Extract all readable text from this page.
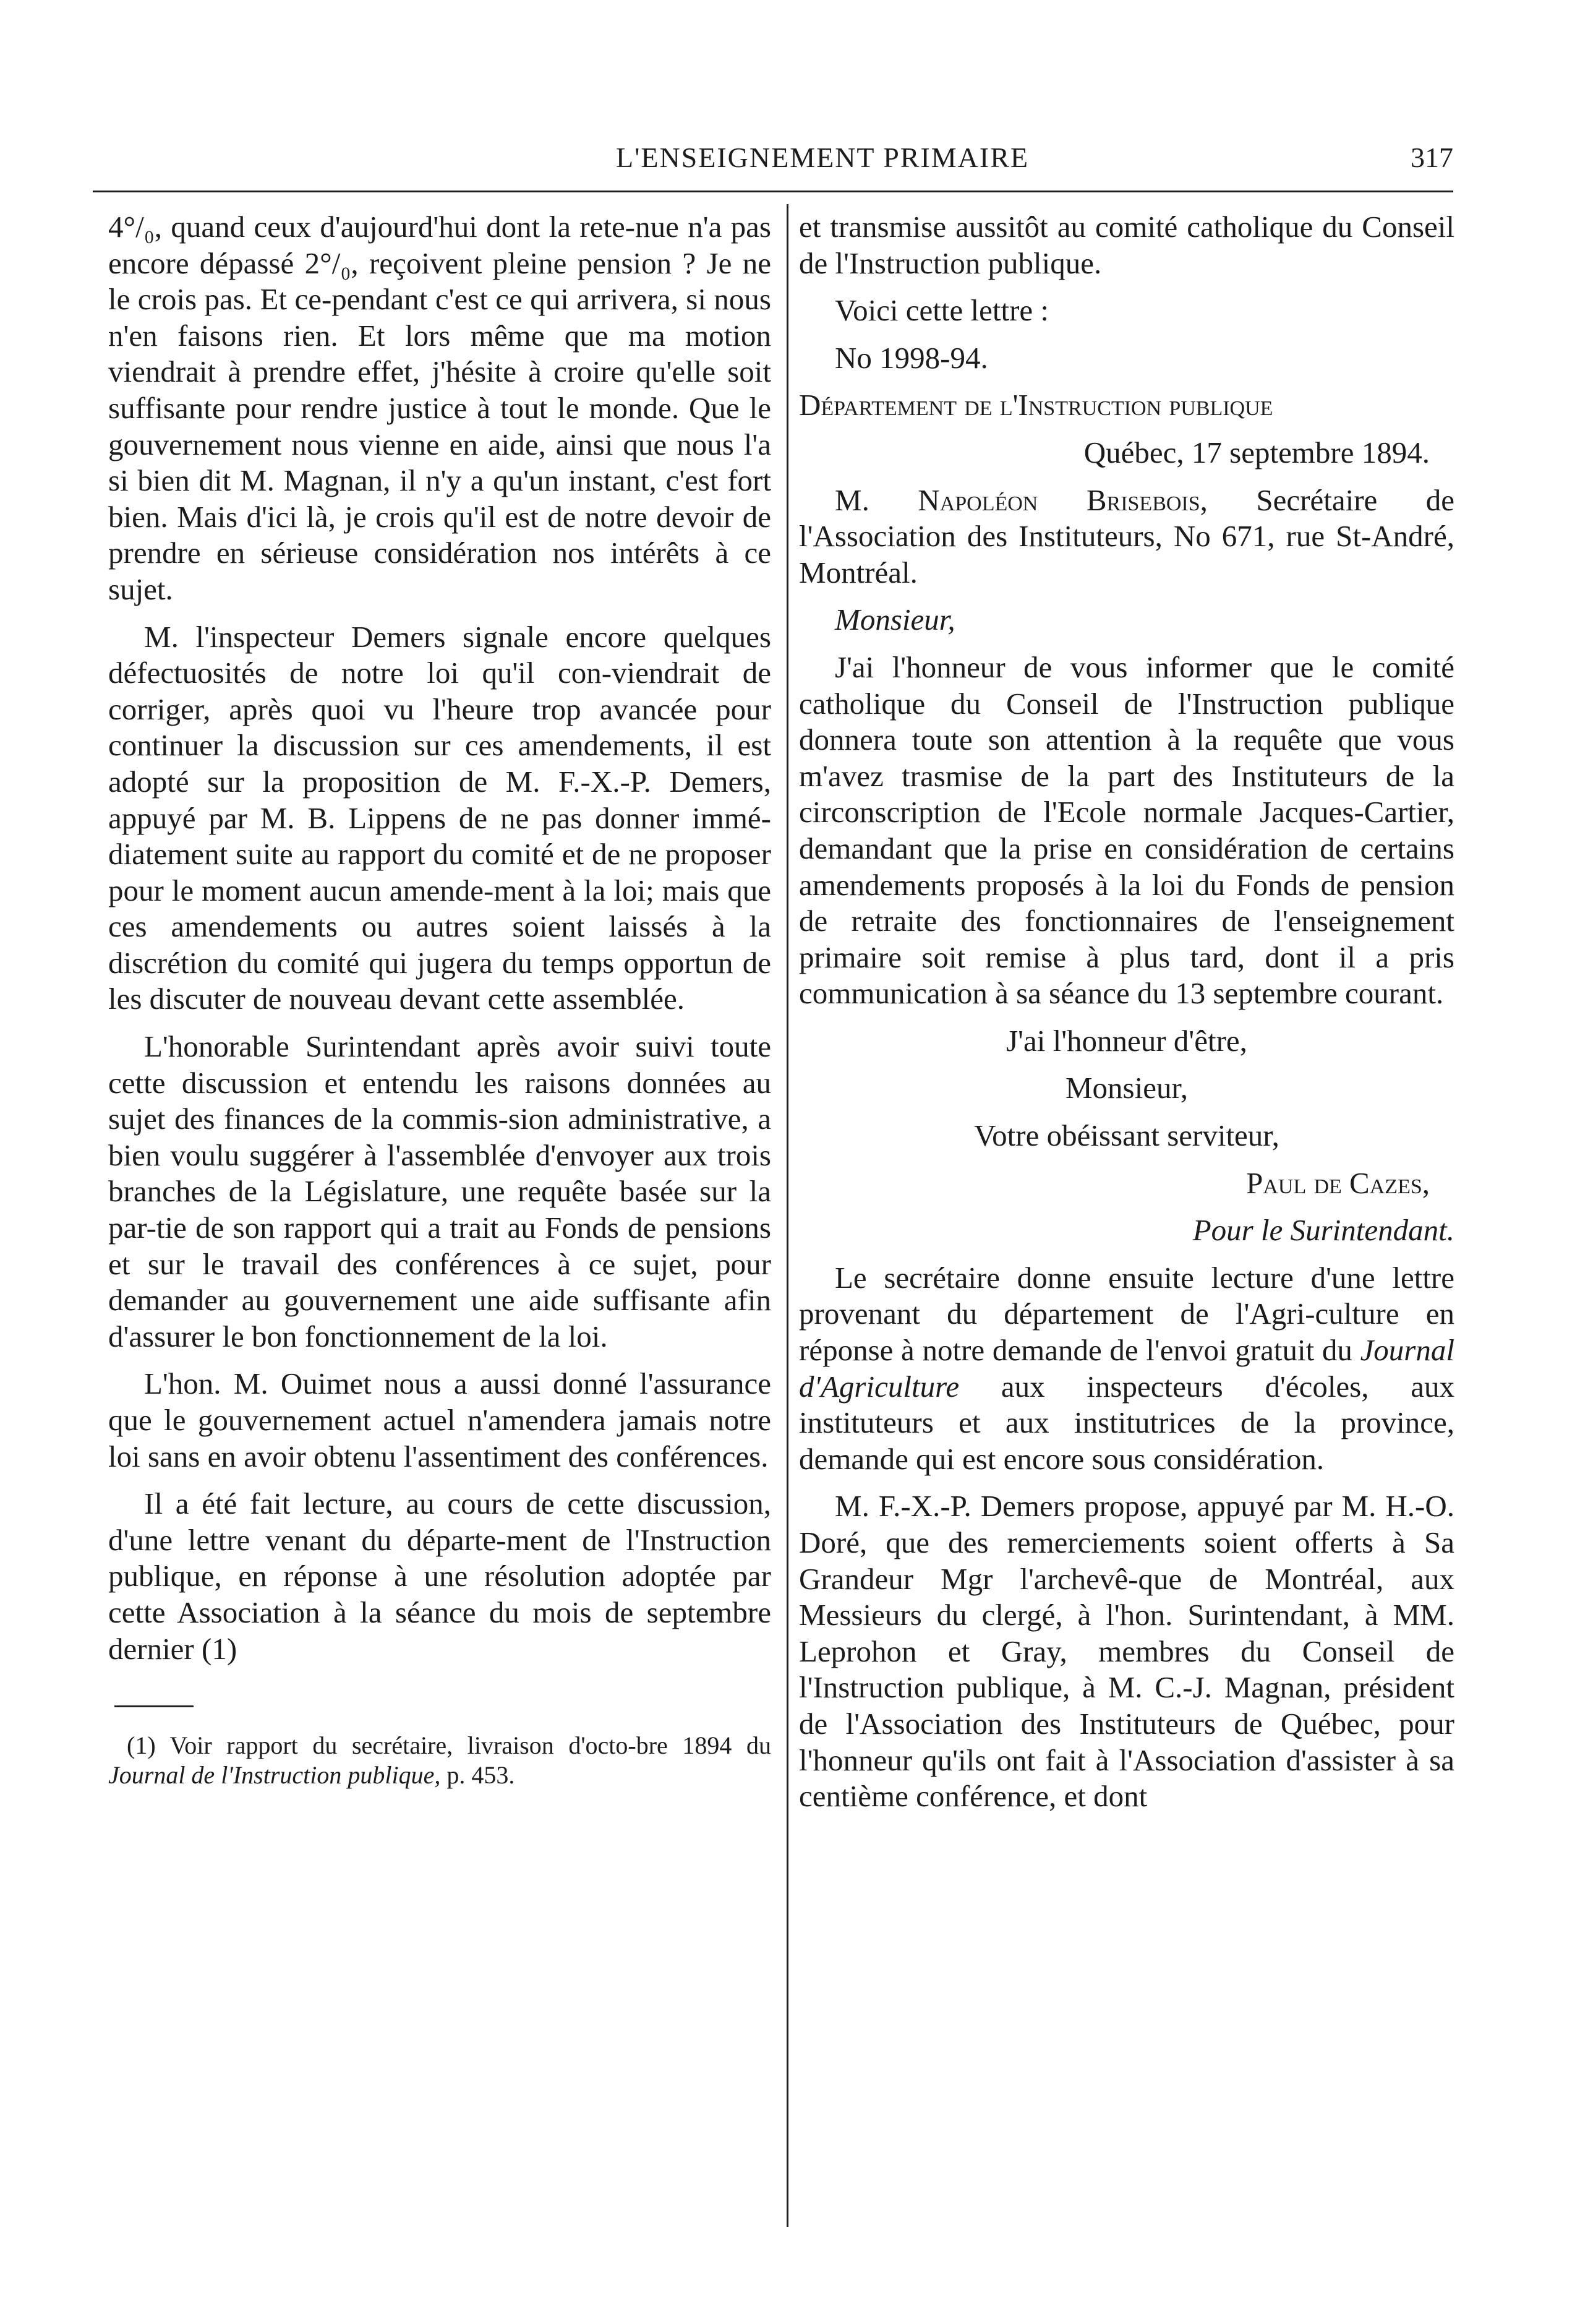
L'ENSEIGNEMENT PRIMAIRE	317

4°/₀, quand ceux d'aujourd'hui dont la rete-nue n'a pas encore dépassé 2°/₀, reçoivent pleine pension ? Je ne le crois pas. Et ce-pendant c'est ce qui arrivera, si nous n'en faisons rien. Et lors même que ma motion viendrait à prendre effet, j'hésite à croire qu'elle soit suffisante pour rendre justice à tout le monde. Que le gouvernement nous vienne en aide, ainsi que nous l'a si bien dit M. Magnan, il n'y a qu'un instant, c'est fort bien. Mais d'ici là, je crois qu'il est de notre devoir de prendre en sérieuse considération nos intérêts à ce sujet.

M. l'inspecteur Demers signale encore quelques défectuosités de notre loi qu'il con-viendrait de corriger, après quoi vu l'heure trop avancée pour continuer la discussion sur ces amendements, il est adopté sur la proposition de M. F.-X.-P. Demers, appuyé par M. B. Lippens de ne pas donner immé-diatement suite au rapport du comité et de ne proposer pour le moment aucun amende-ment à la loi; mais que ces amendements ou autres soient laissés à la discrétion du comité qui jugera du temps opportun de les discuter de nouveau devant cette assemblée.

L'honorable Surintendant après avoir suivi toute cette discussion et entendu les raisons données au sujet des finances de la commis-sion administrative, a bien voulu suggérer à l'assemblée d'envoyer aux trois branches de la Législature, une requête basée sur la par-tie de son rapport qui a trait au Fonds de pensions et sur le travail des conférences à ce sujet, pour demander au gouvernement une aide suffisante afin d'assurer le bon fonctionnement de la loi.

L'hon. M. Ouimet nous a aussi donné l'assurance que le gouvernement actuel n'amendera jamais notre loi sans en avoir obtenu l'assentiment des conférences.

Il a été fait lecture, au cours de cette discussion, d'une lettre venant du départe-ment de l'Instruction publique, en réponse à une résolution adoptée par cette Association à la séance du mois de septembre dernier (1)

(1) Voir rapport du secrétaire, livraison d'octo-bre 1894 du Journal de l'Instruction publique, p. 453.

et transmise aussitôt au comité catholique du Conseil de l'Instruction publique.

Voici cette lettre :

No 1998-94.

Département de l'Instruction publique

Québec, 17 septembre 1894.

M. Napoléon Brisebois, Secrétaire de l'Association des Instituteurs, No 671, rue St-André, Montréal.

Monsieur,

J'ai l'honneur de vous informer que le comité catholique du Conseil de l'Instruction publique donnera toute son attention à la requête que vous m'avez trasmise de la part des Instituteurs de la circonscription de l'Ecole normale Jacques-Cartier, demandant que la prise en considération de certains amendements proposés à la loi du Fonds de pension de retraite des fonctionnaires de l'enseignement primaire soit remise à plus tard, dont il a pris communication à sa séance du 13 septembre courant.

J'ai l'honneur d'être,

Monsieur,

Votre obéissant serviteur,

Paul de Cazes,

Pour le Surintendant.

Le secrétaire donne ensuite lecture d'une lettre provenant du département de l'Agri-culture en réponse à notre demande de l'envoi gratuit du Journal d'Agriculture aux inspecteurs d'écoles, aux instituteurs et aux institutrices de la province, demande qui est encore sous considération.

M. F.-X.-P. Demers propose, appuyé par M. H.-O. Doré, que des remerciements soient offerts à Sa Grandeur Mgr l'archevê-que de Montréal, aux Messieurs du clergé, à l'hon. Surintendant, à MM. Leprohon et Gray, membres du Conseil de l'Instruction publique, à M. C.-J. Magnan, président de l'Association des Instituteurs de Québec, pour l'honneur qu'ils ont fait à l'Association d'assister à sa centième conférence, et dont
